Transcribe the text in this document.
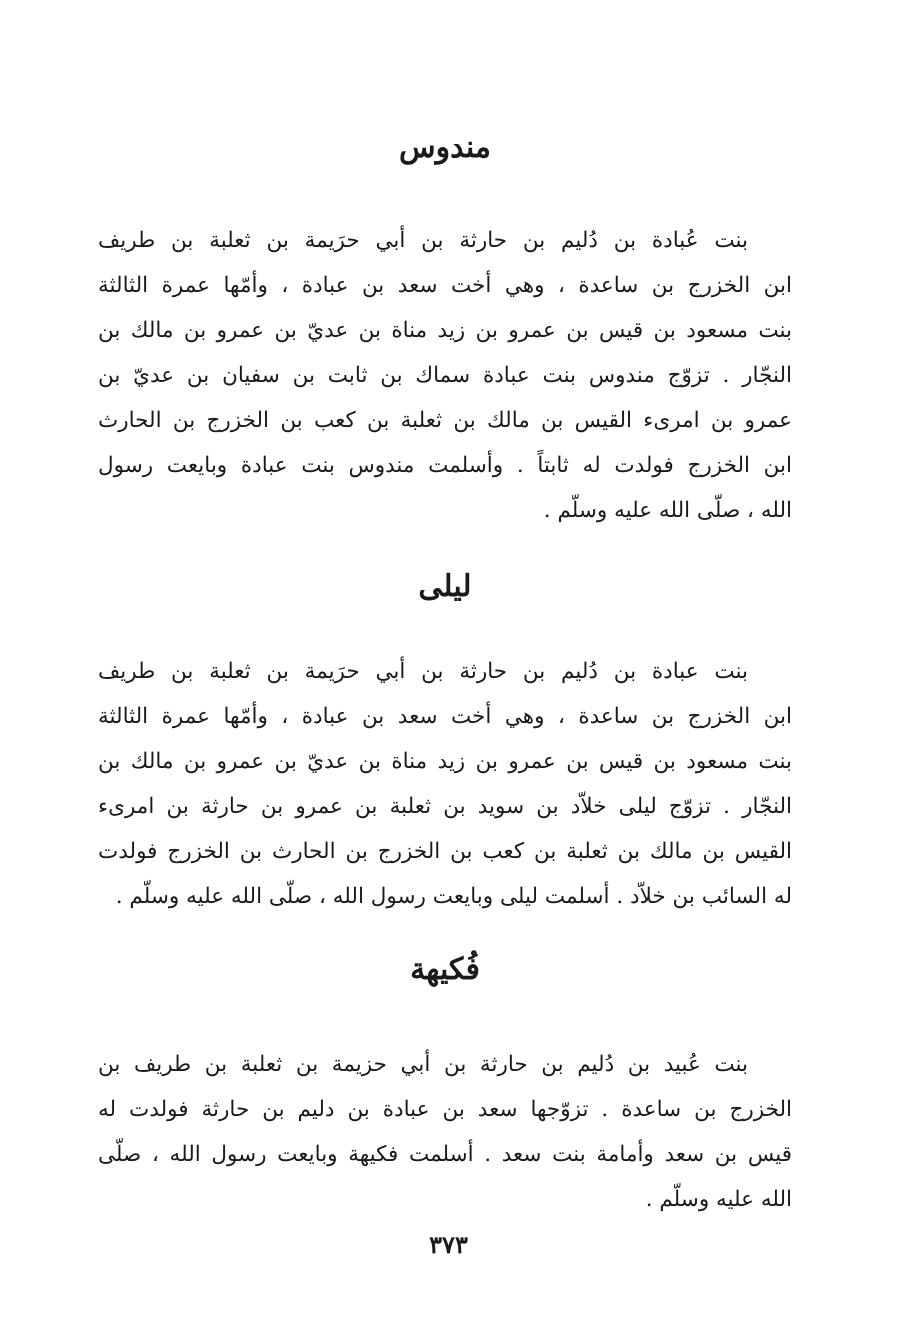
مندوس
بنت عُبادة بن دُليم بن حارثة بن أبي حرَيمة بن ثعلبة بن طريف
ابن الخزرج بن ساعدة ، وهي أخت سعد بن عبادة ، وأمّها عمرة الثالثة
بنت مسعود بن قيس بن عمرو بن زيد مناة بن عديّ بن عمرو بن مالك بن
النجّار . تزوّج مندوس بنت عبادة سماك بن ثابت بن سفيان بن عديّ بن
عمرو بن امرىء القيس بن مالك بن ثعلبة بن كعب بن الخزرج بن الحارث
ابن الخزرج فولدت له ثابتاً . وأسلمت مندوس بنت عبادة وبايعت رسول
الله ، صلّى الله عليه وسلّم .
ليلى
بنت عبادة بن دُليم بن حارثة بن أبي حرَيمة بن ثعلبة بن طريف
ابن الخزرج بن ساعدة ، وهي أخت سعد بن عبادة ، وأمّها عمرة الثالثة
بنت مسعود بن قيس بن عمرو بن زيد مناة بن عديّ بن عمرو بن مالك بن
النجّار . تزوّج ليلى خلاّد بن سويد بن ثعلبة بن عمرو بن حارثة بن امرىء
القيس بن مالك بن ثعلبة بن كعب بن الخزرج بن الحارث بن الخزرج فولدت
له السائب بن خلاّد . أسلمت ليلى وبايعت رسول الله ، صلّى الله عليه وسلّم .
فُكيهة
بنت عُبيد بن دُليم بن حارثة بن أبي حزيمة بن ثعلبة بن طريف بن
الخزرج بن ساعدة . تزوّجها سعد بن عبادة بن دليم بن حارثة فولدت له
قيس بن سعد وأمامة بنت سعد . أسلمت فكيهة وبايعت رسول الله ، صلّى
الله عليه وسلّم .
٣٧٣
